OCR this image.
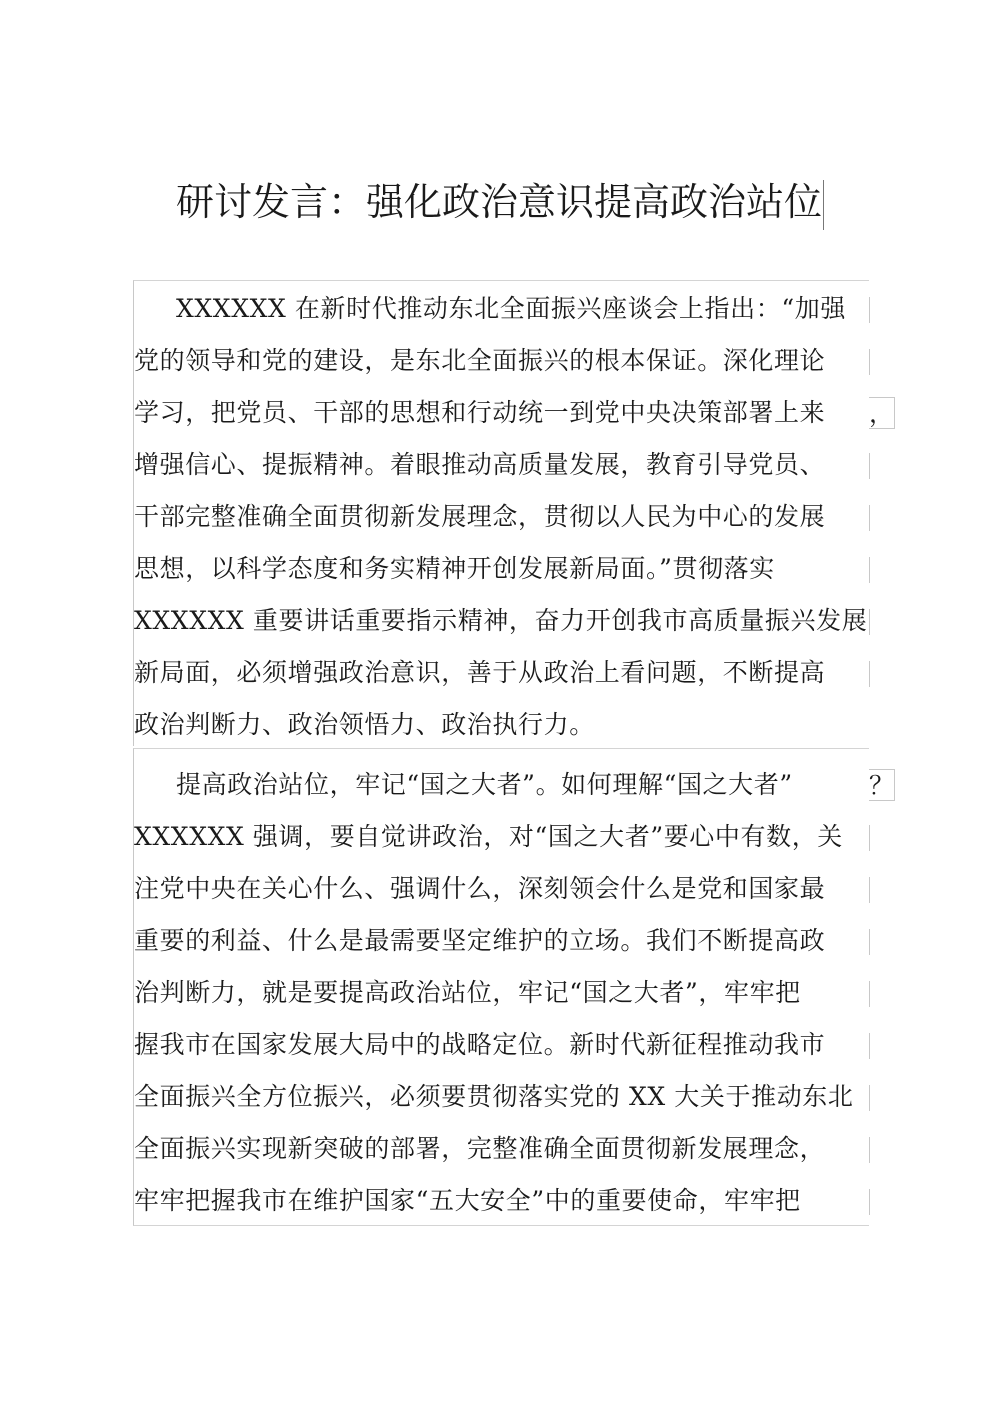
研讨发言：强化政治意识提高政治站位
XXXXXX 在新时代推动东北全面振兴座谈会上指出：“加强
党的领导和党的建设，是东北全面振兴的根本保证。深化理论
学习，把党员、干部的思想和行动统一到党中央决策部署上来 ，
增强信心、提振精神。着眼推动高质量发展，教育引导党员、
干部完整准确全面贯彻新发展理念，贯彻以人民为中心的发展
思想，以科学态度和务实精神开创发展新局面。”贯彻落实
XXXXXX 重要讲话重要指示精神，奋力开创我市高质量振兴发展
新局面，必须增强政治意识，善于从政治上看问题，不断提高
政治判断力、政治领悟力、政治执行力。
提高政治站位，牢记“国之大者”。如何理解“国之大者”	？
XXXXXX 强调，要自觉讲政治，对“国之大者”要心中有数，关
注党中央在关心什么、强调什么，深刻领会什么是党和国家最
重要的利益、什么是最需要坚定维护的立场。我们不断提高政
治判断力，就是要提高政治站位，牢记“国之大者”，牢牢把
握我市在国家发展大局中的战略定位。新时代新征程推动我市
全面振兴全方位振兴，必须要贯彻落实党的 XX 大关于推动东北
全面振兴实现新突破的部署，完整准确全面贯彻新发展理念，
牢牢把握我市在维护国家“五大安全”中的重要使命，牢牢把
